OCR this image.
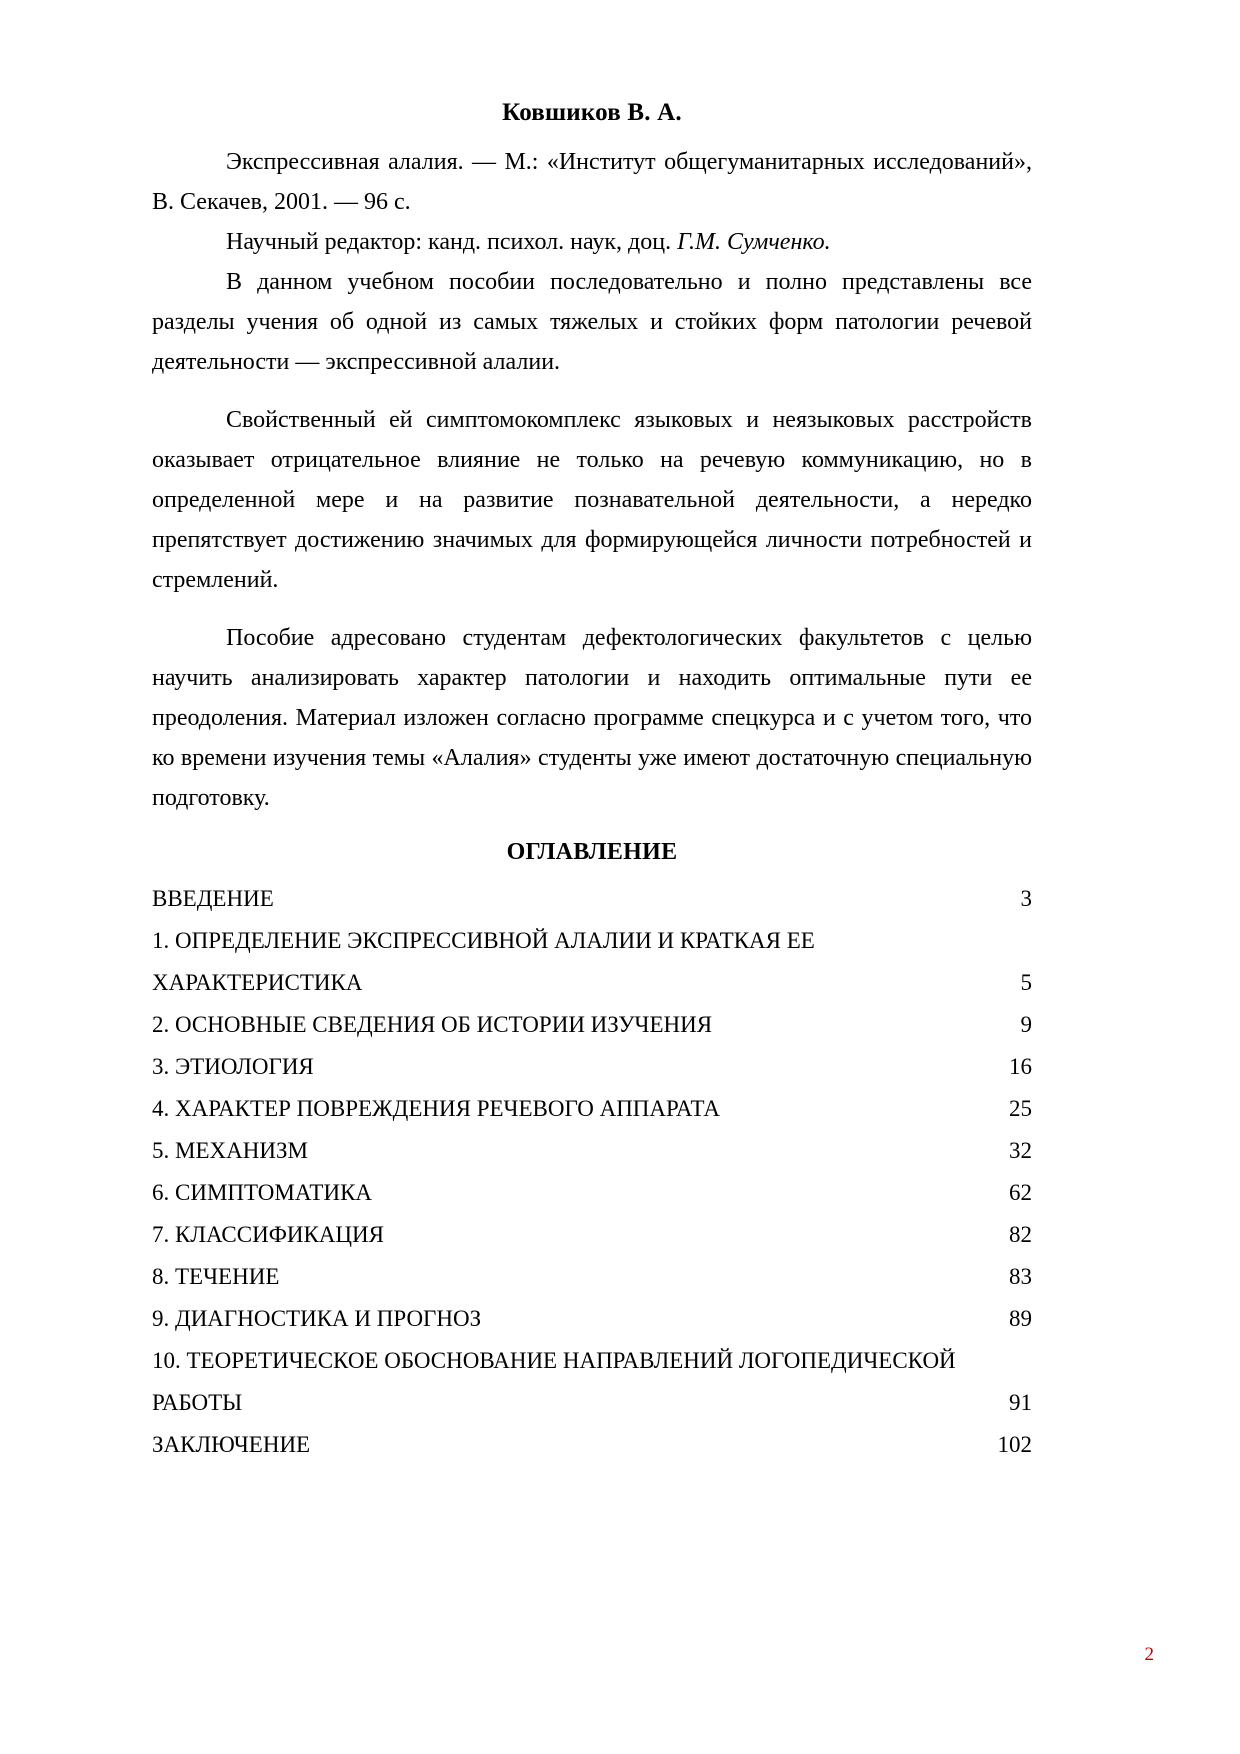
Ковшиков В. А.

Экспрессивная алалия. — М.: «Институт общегуманитарных исследований», В. Секачев, 2001. — 96 с.

Научный редактор: канд. психол. наук, доц. Г.М. Сумченко.

В данном учебном пособии последовательно и полно представлены все разделы учения об одной из самых тяжелых и стойких форм патологии речевой деятельности — экспрессивной алалии.

Свойственный ей симптомокомплекс языковых и неязыковых расстройств оказывает отрицательное влияние не только на речевую коммуникацию, но в определенной мере и на развитие познавательной деятельности, а нередко препятствует достижению значимых для формирующейся личности потребностей и стремлений.

Пособие адресовано студентам дефектологических факультетов с целью научить анализировать характер патологии и находить оптимальные пути ее преодоления. Материал изложен согласно программе спецкурса и с учетом того, что ко времени изучения темы «Алалия» студенты уже имеют достаточную специальную подготовку.

ОГЛАВЛЕНИЕ
ВВЕДЕНИЕ .....	3
1. ОПРЕДЕЛЕНИЕ ЭКСПРЕССИВНОЙ АЛАЛИИ И КРАТКАЯ ЕЕ
ХАРАКТЕРИСТИКА .....	5
2. ОСНОВНЫЕ СВЕДЕНИЯ ОБ ИСТОРИИ ИЗУЧЕНИЯ .....	9
3. ЭТИОЛОГИЯ .....	16
4. ХАРАКТЕР ПОВРЕЖДЕНИЯ РЕЧЕВОГО АППАРАТА .....	25
5. МЕХАНИЗМ .....	32
6. СИМПТОМАТИКА .....	62
7. КЛАССИФИКАЦИЯ .....	82
8. ТЕЧЕНИЕ .....	83
9. ДИАГНОСТИКА И ПРОГНОЗ .....	89
10. ТЕОРЕТИЧЕСКОЕ ОБОСНОВАНИЕ НАПРАВЛЕНИЙ ЛОГОПЕДИЧЕСКОЙ
РАБОТЫ .....	91
ЗАКЛЮЧЕНИЕ .....	102
2
